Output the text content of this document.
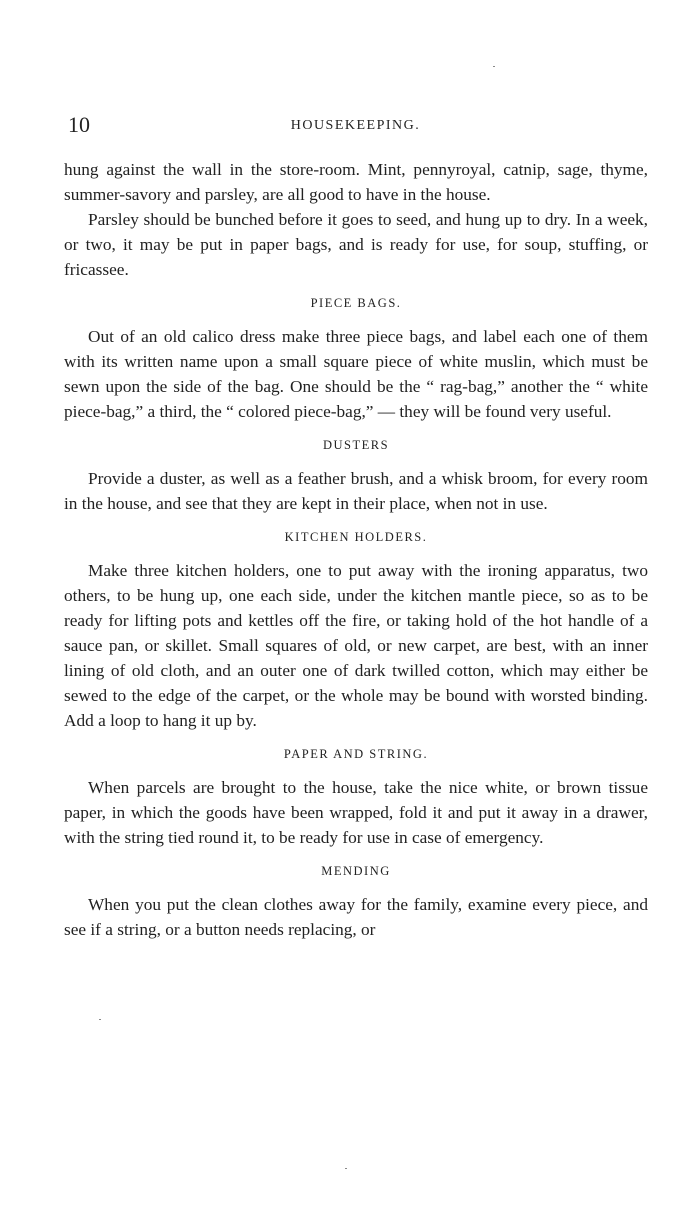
10	HOUSEKEEPING.

hung against the wall in the store-room. Mint, pennyroyal, catnip, sage, thyme, summer-savory and parsley, are all good to have in the house.

Parsley should be bunched before it goes to seed, and hung up to dry. In a week, or two, it may be put in paper bags, and is ready for use, for soup, stuffing, or fricassee.

PIECE BAGS.

Out of an old calico dress make three piece bags, and label each one of them with its written name upon a small square piece of white muslin, which must be sewn upon the side of the bag. One should be the “ rag-bag,” another the “ white piece-bag,” a third, the “ colored piece-bag,” — they will be found very useful.

DUSTERS

Provide a duster, as well as a feather brush, and a whisk broom, for every room in the house, and see that they are kept in their place, when not in use.

KITCHEN HOLDERS.

Make three kitchen holders, one to put away with the ironing apparatus, two others, to be hung up, one each side, under the kitchen mantle piece, so as to be ready for lifting pots and kettles off the fire, or taking hold of the hot handle of a sauce pan, or skillet. Small squares of old, or new carpet, are best, with an inner lining of old cloth, and an outer one of dark twilled cotton, which may either be sewed to the edge of the carpet, or the whole may be bound with worsted binding. Add a loop to hang it up by.

PAPER AND STRING.

When parcels are brought to the house, take the nice white, or brown tissue paper, in which the goods have been wrapped, fold it and put it away in a drawer, with the string tied round it, to be ready for use in case of emergency.

MENDING

When you put the clean clothes away for the family, examine every piece, and see if a string, or a button needs replacing, or
